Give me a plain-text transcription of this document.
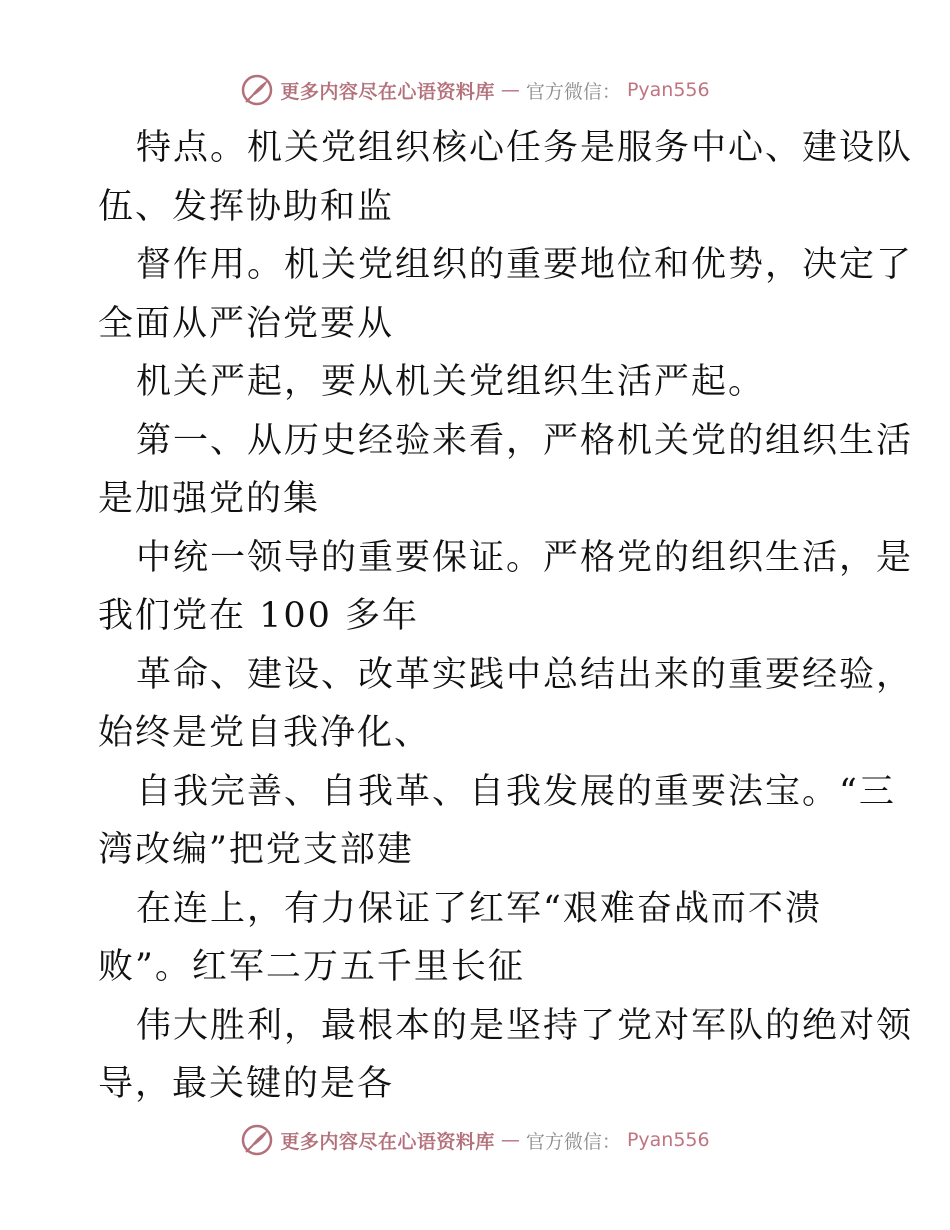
更多内容尽在心语资料库 — 官方微信： Pyan556
特点。机关党组织核心任务是服务中心、建设队
伍、发挥协助和监
督作用。机关党组织的重要地位和优势，决定了
全面从严治党要从
机关严起，要从机关党组织生活严起。
第一、从历史经验来看，严格机关党的组织生活
是加强党的集
中统一领导的重要保证。严格党的组织生活，是
我们党在 100 多年
革命、建设、改革实践中总结出来的重要经验，
始终是党自我净化、
自我完善、自我革、自我发展的重要法宝。“三
湾改编”把党支部建
在连上，有力保证了红军“艰难奋战而不溃
败”。红军二万五千里长征
伟大胜利，最根本的是坚持了党对军队的绝对领
导，最关键的是各
更多内容尽在心语资料库 — 官方微信： Pyan556
